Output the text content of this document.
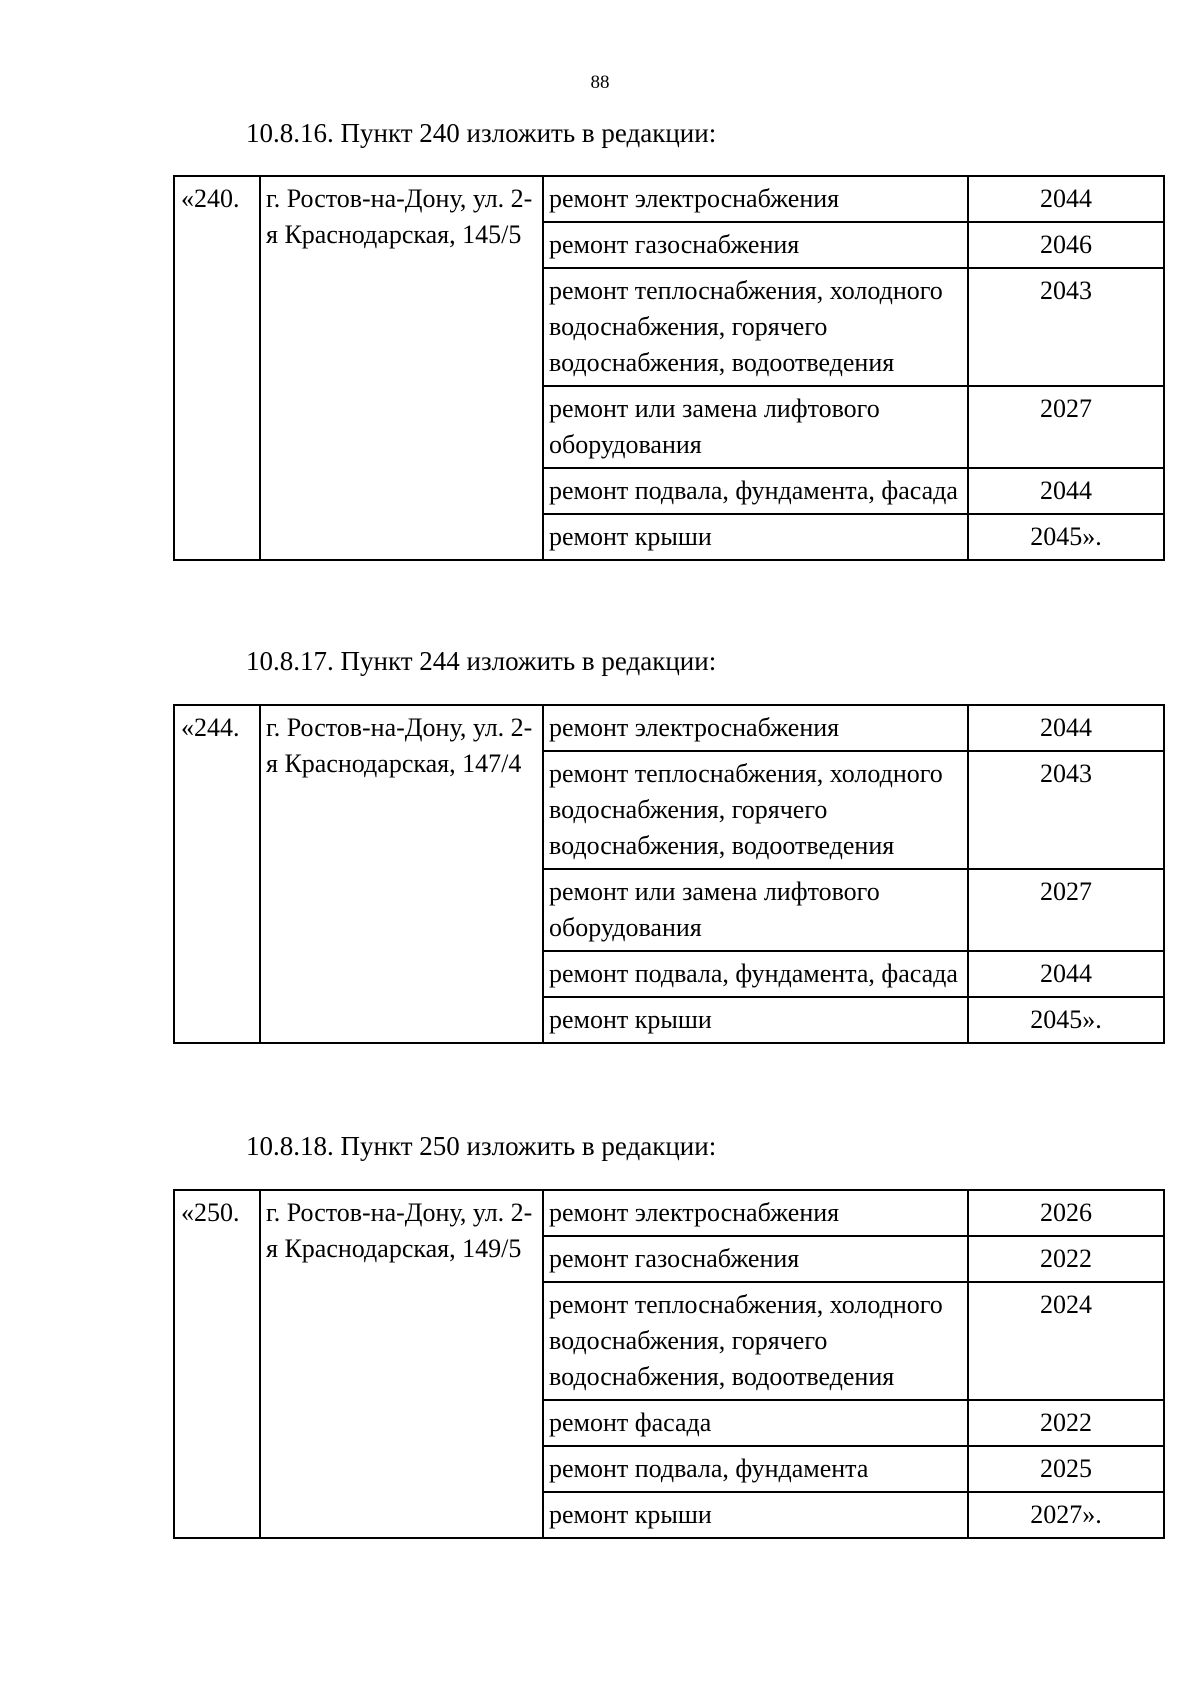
88
10.8.16. Пункт 240 изложить в редакции:
«240.	г. Ростов-на-Дону, ул. 2-я Краснодарская, 145/5	ремонт электроснабжения	2044
		ремонт газоснабжения	2046
		ремонт теплоснабжения, холодного водоснабжения, горячего водоснабжения, водоотведения	2043
		ремонт или замена лифтового оборудования	2027
		ремонт подвала, фундамента, фасада	2044
		ремонт крыши	2045».
10.8.17. Пункт 244 изложить в редакции:
«244.	г. Ростов-на-Дону, ул. 2-я Краснодарская, 147/4	ремонт электроснабжения	2044
		ремонт теплоснабжения, холодного водоснабжения, горячего водоснабжения, водоотведения	2043
		ремонт или замена лифтового оборудования	2027
		ремонт подвала, фундамента, фасада	2044
		ремонт крыши	2045».
10.8.18. Пункт 250 изложить в редакции:
«250.	г. Ростов-на-Дону, ул. 2-я Краснодарская, 149/5	ремонт электроснабжения	2026
		ремонт газоснабжения	2022
		ремонт теплоснабжения, холодного водоснабжения, горячего водоснабжения, водоотведения	2024
		ремонт фасада	2022
		ремонт подвала, фундамента	2025
		ремонт крыши	2027».
